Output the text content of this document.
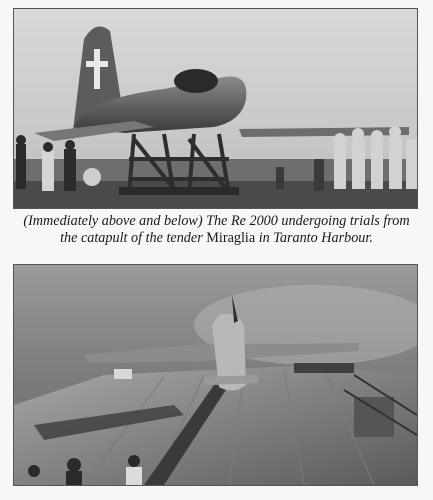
(Immediately above and below) The Re 2000 undergoing trials from the catapult of the tender Miraglia in Taranto Harbour.
